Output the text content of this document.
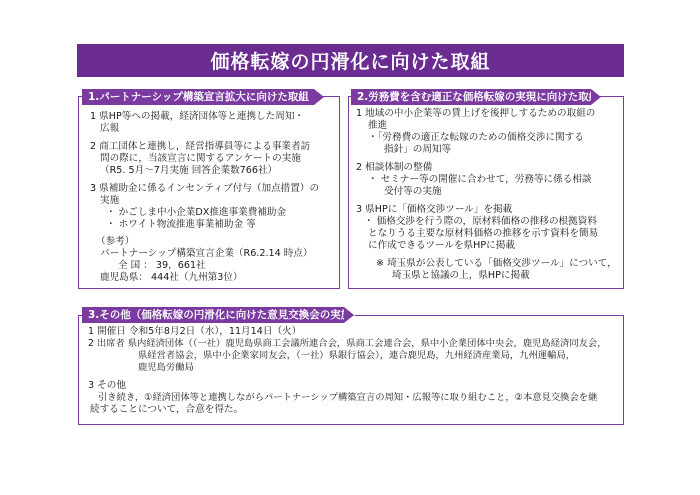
価格転嫁の円滑化に向けた取組
1.パートナーシップ構築宣言拡大に向けた取組
1 県HP等への掲載，経済団体等と連携した周知・
広報
2 商工団体と連携し，経営指導員等による事業者訪
問の際に，当該宣言に関するアンケートの実施
（R5. 5月～7月実施 回答企業数766社）
3 県補助金に係るインセンティブ付与（加点措置）の
実施
・ かごしま中小企業DX推進事業費補助金
・ ホワイト物流推進事業補助金 等
（参考）
パートナーシップ構築宣言企業（R6.2.14 時点）
全 国 ： 39，661社
鹿児島県： 444社（九州第3位）
2.労務費を含む適正な価格転嫁の実現に向けた取組
1 地域の中小企業等の賃上げを後押しするための取組の
推進
・「労務費の適正な転嫁のための価格交渉に関する
指針」の周知等
2 相談体制の整備
・ セミナー等の開催に合わせて，労務等に係る相談
受付等の実施
3 県HPに「価格交渉ツール」を掲載
・ 価格交渉を行う際の，原材料価格の推移の根拠資料
となりうる主要な原材料価格の推移を示す資料を簡易
に作成できるツールを県HPに掲載
※ 埼玉県が公表している「価格交渉ツール」について，
埼玉県と協議の上，県HPに掲載
3.その他（価格転嫁の円滑化に向けた意見交換会の実施）
1 開催日 令和5年8月2日（水），11月14日（火）
2 出席者 県内経済団体（（一社）鹿児島県商工会議所連合会，県商工会連合会，県中小企業団体中央会，鹿児島経済同友会，
県経営者協会，県中小企業家同友会，（一社）県銀行協会），連合鹿児島，九州経済産業局，九州運輸局，
鹿児島労働局
3 その他
引き続き，①経済団体等と連携しながらパートナーシップ構築宣言の周知・広報等に取り組むこと，②本意見交換会を継
続することについて，合意を得た。
